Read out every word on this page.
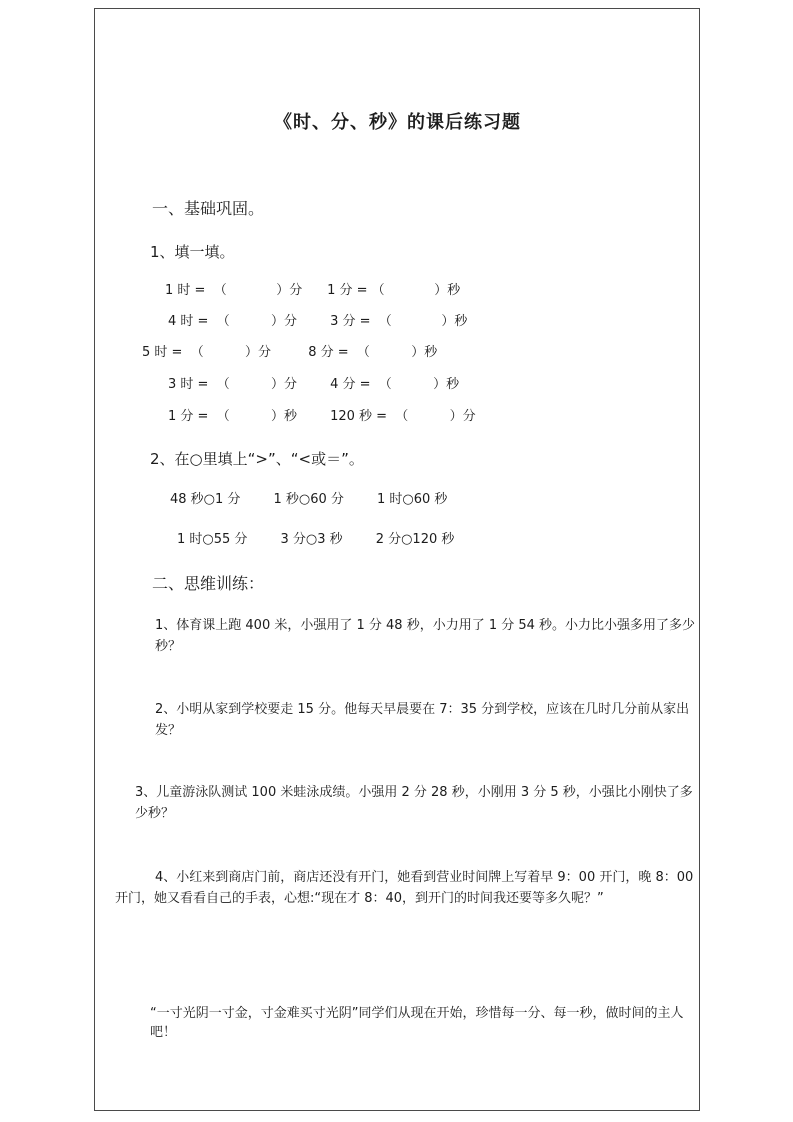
《时、分、秒》的课后练习题
一、基础巩固。
1、填一填。
1 时 =  （            ）分      1 分 = （            ）秒
4 时 =  （          ）分        3 分 =  （            ）秒
5 时 =  （          ）分         8 分 =  （          ）秒
3 时 =  （          ）分        4 分 =  （          ）秒
1 分 =  （          ）秒        120 秒 =  （          ）分
2、在○里填上“>”、“<或＝”。
48 秒○1 分        1 秒○60 分        1 时○60 秒
1 时○55 分        3 分○3 秒        2 分○120 秒
二、思维训练：
1、体育课上跑 400 米，小强用了 1 分 48 秒，小力用了 1 分 54 秒。小力比小强多用了多少秒？
2、小明从家到学校要走 15 分。他每天早晨要在 7：35 分到学校，应该在几时几分前从家出发？
3、儿童游泳队测试 100 米蛙泳成绩。小强用 2 分 28 秒，小刚用 3 分 5 秒，小强比小刚快了多少秒？
4、小红来到商店门前，商店还没有开门，她看到营业时间牌上写着早 9：00 开门，晚 8：00 开门，她又看看自己的手表，心想:“现在才 8：40，到开门的时间我还要等多久呢？”
“一寸光阴一寸金，寸金难买寸光阴”同学们从现在开始，珍惜每一分、每一秒，做时间的主人吧！
